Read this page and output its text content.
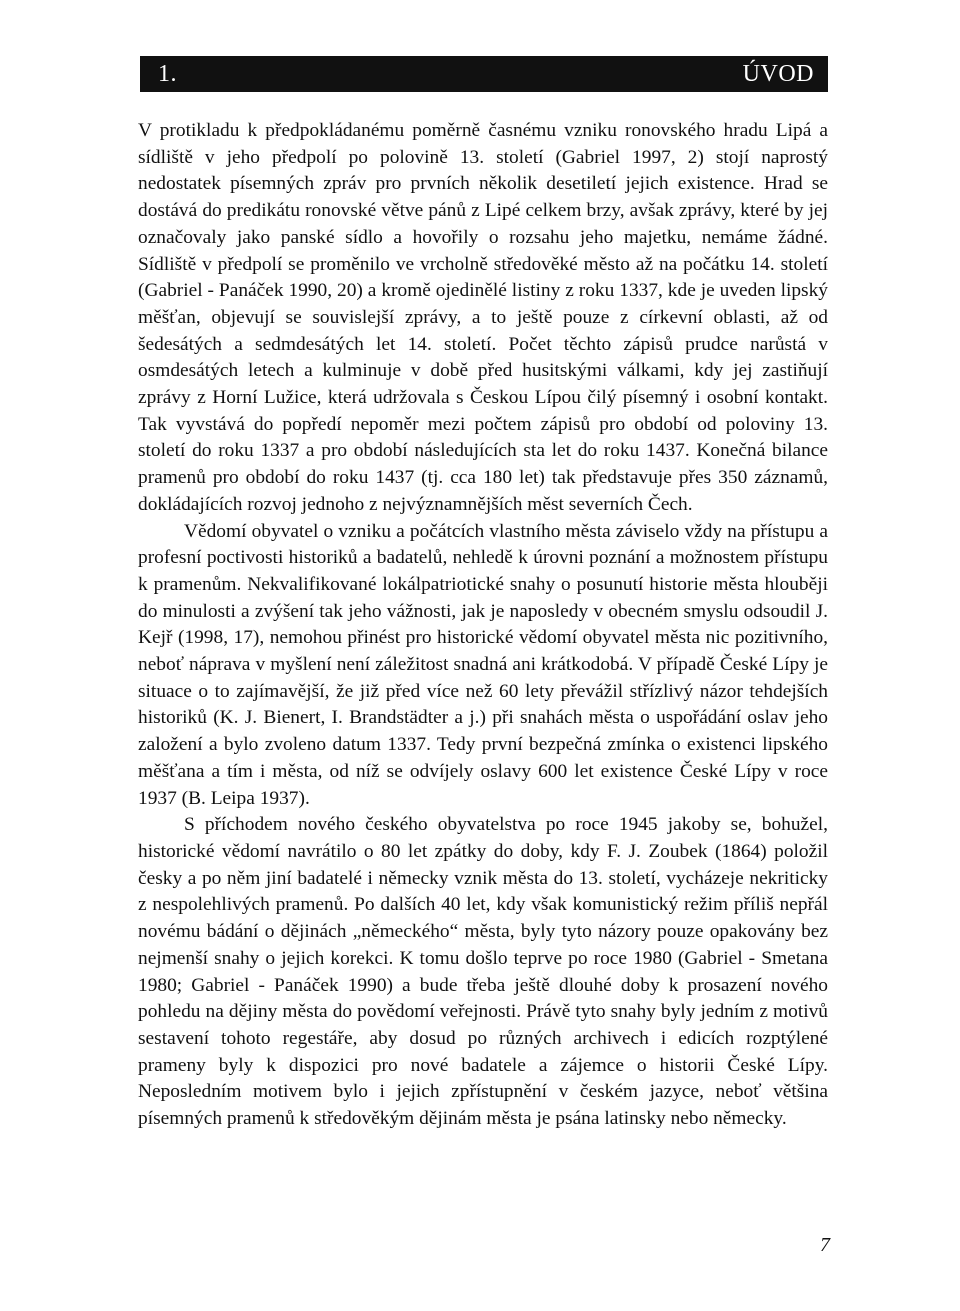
1.	ÚVOD

V protikladu k předpokládanému poměrně časnému vzniku ronovského hradu Lipá a sídliště v jeho předpolí po polovině 13. století (Gabriel 1997, 2) stojí naprostý nedostatek písemných zpráv pro prvních několik desetiletí jejich existence. Hrad se dostává do predikátu ronovské větve pánů z Lipé celkem brzy, avšak zprávy, které by jej označovaly jako panské sídlo a hovořily o rozsahu jeho majetku, nemáme žádné. Sídliště v předpolí se proměnilo ve vrcholně středověké město až na počátku 14. století (Gabriel - Panáček 1990, 20) a kromě ojedinělé listiny z roku 1337, kde je uveden lipský měšťan, objevují se souvislejší zprávy, a to ještě pouze z církevní oblasti, až od šedesátých a sedmdesátých let 14. století. Počet těchto zápisů prudce narůstá v osmdesátých letech a kulminuje v době před husitskými válkami, kdy jej zastiňují zprávy z Horní Lužice, která udržovala s Českou Lípou čilý písemný i osobní kontakt. Tak vyvstává do popředí nepoměr mezi počtem zápisů pro období od poloviny 13. století do roku 1337 a pro období následujících sta let do roku 1437. Konečná bilance pramenů pro období do roku 1437 (tj. cca 180 let) tak představuje přes 350 záznamů, dokládajících rozvoj jednoho z nejvýznamnějších měst severních Čech.

Vědomí obyvatel o vzniku a počátcích vlastního města záviselo vždy na přístupu a profesní poctivosti historiků a badatelů, nehledě k úrovni poznání a možnostem přístupu k pramenům. Nekvalifikované lokálpatriotické snahy o posunutí historie města hlouběji do minulosti a zvýšení tak jeho vážnosti, jak je naposledy v obecném smyslu odsoudil J. Kejř (1998, 17), nemohou přinést pro historické vědomí obyvatel města nic pozitivního, neboť náprava v myšlení není záležitost snadná ani krátkodobá. V případě České Lípy je situace o to zajímavější, že již před více než 60 lety převážil střízlivý názor tehdejších historiků (K. J. Bienert, I. Brandstädter a j.) při snahách města o uspořádání oslav jeho založení a bylo zvoleno datum 1337. Tedy první bezpečná zmínka o existenci lipského měšťana a tím i města, od níž se odvíjely oslavy 600 let existence České Lípy v roce 1937 (B. Leipa 1937).

S příchodem nového českého obyvatelstva po roce 1945 jakoby se, bohužel, historické vědomí navrátilo o 80 let zpátky do doby, kdy F. J. Zoubek (1864) položil česky a po něm jiní badatelé i německy vznik města do 13. století, vycházeje nekriticky z nespolehlivých pramenů. Po dalších 40 let, kdy však komunistický režim příliš nepřál novému bádání o dějinách „německého“ města, byly tyto názory pouze opakovány bez nejmenší snahy o jejich korekci. K tomu došlo teprve po roce 1980 (Gabriel - Smetana 1980; Gabriel - Panáček 1990) a bude třeba ještě dlouhé doby k prosazení nového pohledu na dějiny města do povědomí veřejnosti. Právě tyto snahy byly jedním z motivů sestavení tohoto regestáře, aby dosud po různých archivech i edicích rozptýlené prameny byly k dispozici pro nové badatele a zájemce o historii České Lípy. Neposledním motivem bylo i jejich zpřístupnění v českém jazyce, neboť většina písemných pramenů k středověkým dějinám města je psána latinsky nebo německy.

7
